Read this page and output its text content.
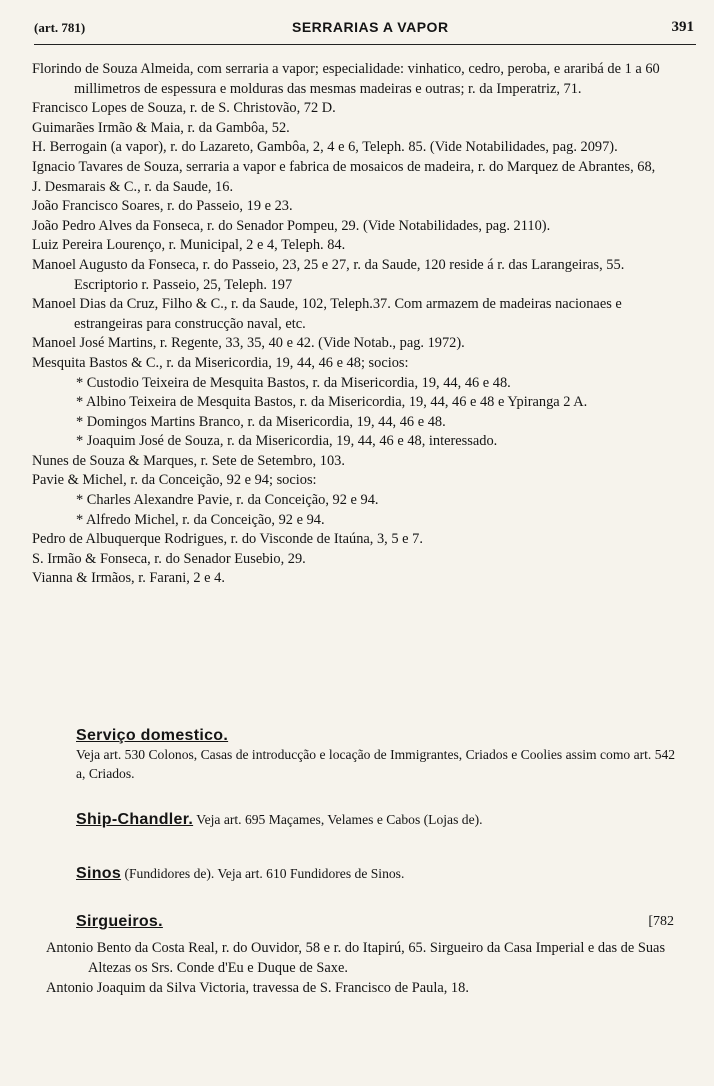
(art. 781)	SERRARIAS A VAPOR	391
Florindo de Souza Almeida, com serraria a vapor; especialidade: vinhatico, cedro, peroba, e araribá de 1 a 60 millimetros de espessura e molduras das mesmas madeiras e outras; r. da Imperatriz, 71.
Francisco Lopes de Souza, r. de S. Christovão, 72 D.
Guimarães Irmão & Maia, r. da Gambôa, 52.
H. Berrogain (a vapor), r. do Lazareto, Gambôa, 2, 4 e 6, Teleph. 85. (Vide Notabilidades, pag. 2097).
Ignacio Tavares de Souza, serraria a vapor e fabrica de mosaicos de madeira, r. do Marquez de Abrantes, 68,
J. Desmarais & C., r. da Saude, 16.
João Francisco Soares, r. do Passeio, 19 e 23.
João Pedro Alves da Fonseca, r. do Senador Pompeu, 29. (Vide Notabilidades, pag. 2110).
Luiz Pereira Lourenço, r. Municipal, 2 e 4, Teleph. 84.
Manoel Augusto da Fonseca, r. do Passeio, 23, 25 e 27, r. da Saude, 120 reside á r. das Larangeiras, 55. Escriptorio r. Passeio, 25, Teleph. 197
Manoel Dias da Cruz, Filho & C., r. da Saude, 102, Teleph.37. Com armazem de madeiras nacionaes e estrangeiras para construcção naval, etc.
Manoel José Martins, r. Regente, 33, 35, 40 e 42. (Vide Notab., pag. 1972).
Mesquita Bastos & C., r. da Misericordia, 19, 44, 46 e 48; socios:
* Custodio Teixeira de Mesquita Bastos, r. da Misericordia, 19, 44, 46 e 48.
* Albino Teixeira de Mesquita Bastos, r. da Misericordia, 19, 44, 46 e 48 e Ypiranga 2 A.
* Domingos Martins Branco, r. da Misericordia, 19, 44, 46 e 48.
* Joaquim José de Souza, r. da Misericordia, 19, 44, 46 e 48, interessado.
Nunes de Souza & Marques, r. Sete de Setembro, 103.
Pavie & Michel, r. da Conceição, 92 e 94; socios:
* Charles Alexandre Pavie, r. da Conceição, 92 e 94.
* Alfredo Michel, r. da Conceição, 92 e 94.
Pedro de Albuquerque Rodrigues, r. do Visconde de Itaúna, 3, 5 e 7.
S. Irmão & Fonseca, r. do Senador Eusebio, 29.
Vianna & Irmãos, r. Farani, 2 e 4.
Serviço domestico.
Veja art. 530 Colonos, Casas de introducção e locação de Immigrantes, Criados e Coolies assim como art. 542 a, Criados.
Ship-Chandler. Veja art. 695 Maçames, Velames e Cabos (Lojas de).
Sinos (Fundidores de). Veja art. 610 Fundidores de Sinos.
Sirgueiros.	[782
Antonio Bento da Costa Real, r. do Ouvidor, 58 e r. do Itapirú, 65. Sirgueiro da Casa Imperial e das de Suas Altezas os Srs. Conde d'Eu e Duque de Saxe.
Antonio Joaquim da Silva Victoria, travessa de S. Francisco de Paula, 18.
